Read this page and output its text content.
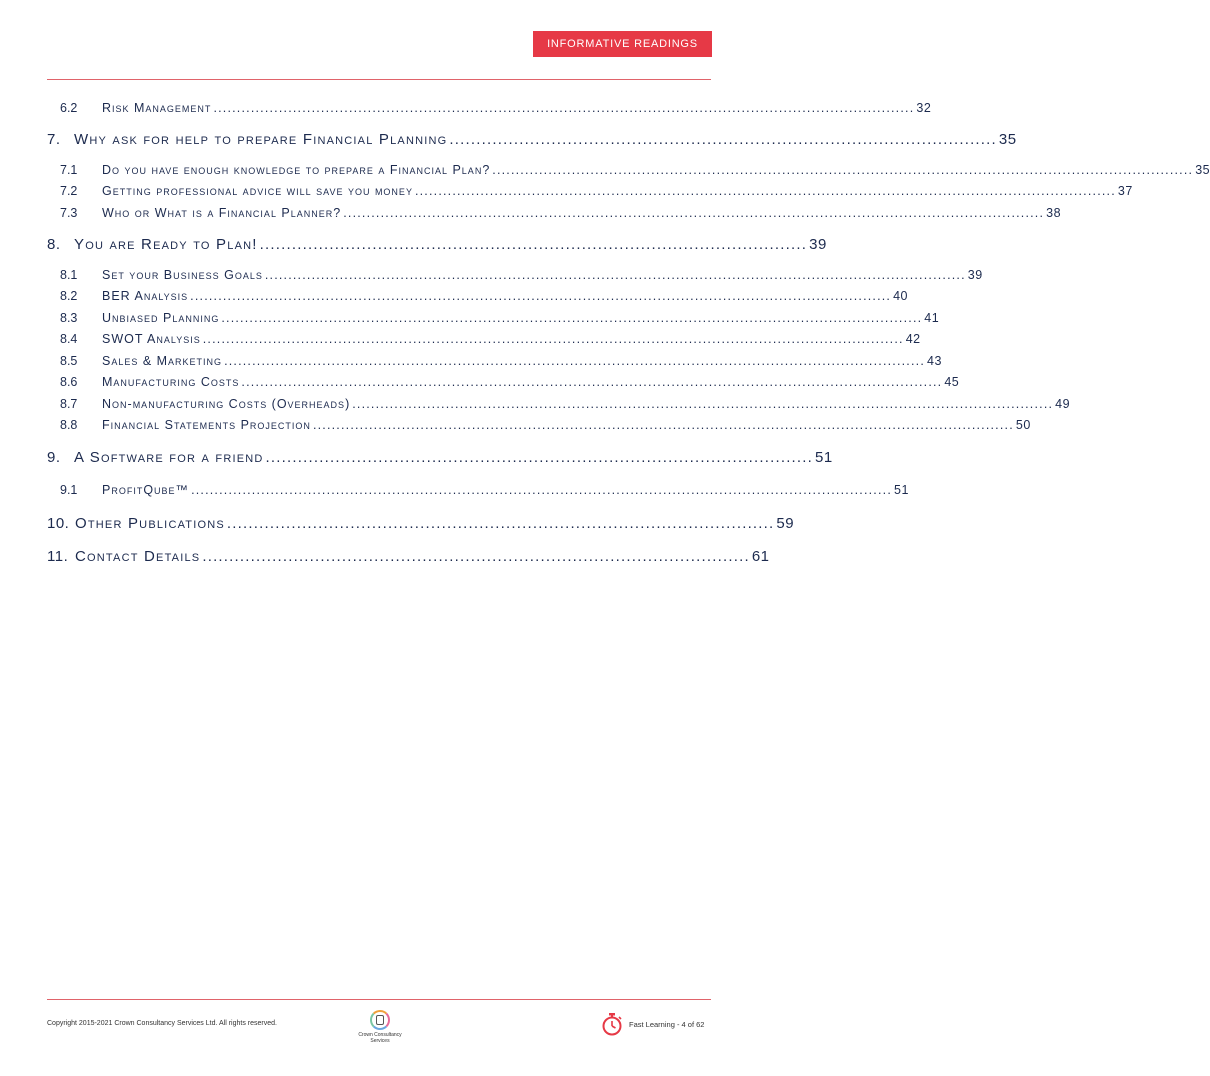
INFORMATIVE READINGS
6.2	Risk Management ...................................................................................................................................................... 32
7. Why ask for help to prepare Financial Planning ...................................................................................................... 35
7.1	Do you have enough knowledge to prepare a Financial Plan? ...................................................................................................................................................... 35
7.2	Getting professional advice will save you money ...................................................................................................................................................... 37
7.3	Who or What is a Financial Planner? ...................................................................................................................................................... 38
8. You are Ready to Plan! ...................................................................................................... 39
8.1	Set your Business Goals ...................................................................................................................................................... 39
8.2	BER Analysis ...................................................................................................................................................... 40
8.3	Unbiased Planning ...................................................................................................................................................... 41
8.4	SWOT Analysis ...................................................................................................................................................... 42
8.5	Sales & Marketing ...................................................................................................................................................... 43
8.6	Manufacturing Costs ...................................................................................................................................................... 45
8.7	Non-manufacturing Costs (Overheads) ...................................................................................................................................................... 49
8.8	Financial Statements Projection ...................................................................................................................................................... 50
9. A Software for a friend ...................................................................................................... 51
9.1	ProfitQube™ ...................................................................................................................................................... 51
10. Other Publications ...................................................................................................... 59
11. Contact Details ...................................................................................................... 61
Copyright 2015-2021 Crown Consultancy Services Ltd. All rights reserved.
Crown Consultancy Services
Fast Learning - 4 of 62
